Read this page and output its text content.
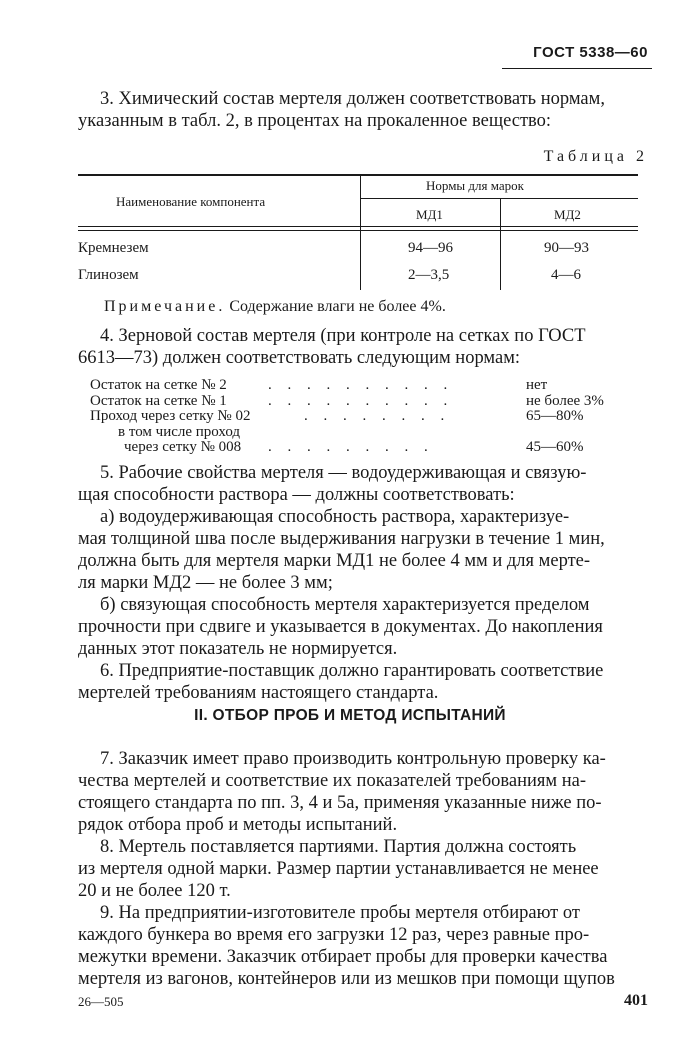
ГОСТ 5338—60
3. Химический состав мертеля должен соответствовать нормам,
указанным в табл. 2, в процентах на прокаленное вещество:
Таблица 2
Наименование компонента
Нормы для марок
МД1	МД2
Кремнезем	94—96	90—93
Глинозем	2—3,5	4—6
Примечание. Содержание влаги не более 4%.
4. Зерновой состав мертеля (при контроле на сетках по ГОСТ
6613—73) должен соответствовать следующим нормам:
Остаток на сетке № 2	. . . . . . . . . .	нет
Остаток на сетке № 1	. . . . . . . . . .	не более 3%
Проход через сетку № 02	. . . . . . . .	65—80%
в том числе проход
через сетку № 008 . . . . . . . . .	45—60%
5. Рабочие свойства мертеля — водоудерживающая и связую-
щая способности раствора — должны соответствовать:
а) водоудерживающая способность раствора, характеризуе-
мая толщиной шва после выдерживания нагрузки в течение 1 мин,
должна быть для мертеля марки МД1 не более 4 мм и для мерте-
ля марки МД2 — не более 3 мм;
б) связующая способность мертеля характеризуется пределом
прочности при сдвиге и указывается в документах. До накопления
данных этот показатель не нормируется.
6. Предприятие-поставщик должно гарантировать соответствие
мертелей требованиям настоящего стандарта.
II. ОТБОР ПРОБ И МЕТОД ИСПЫТАНИЙ
7. Заказчик имеет право производить контрольную проверку ка-
чества мертелей и соответствие их показателей требованиям на-
стоящего стандарта по пп. 3, 4 и 5а, применяя указанные ниже по-
рядок отбора проб и методы испытаний.
8. Мертель поставляется партиями. Партия должна состоять
из мертеля одной марки. Размер партии устанавливается не менее
20 и не более 120 т.
9. На предприятии-изготовителе пробы мертеля отбирают от
каждого бункера во время его загрузки 12 раз, через равные про-
межутки времени. Заказчик отбирает пробы для проверки качества
мертеля из вагонов, контейнеров или из мешков при помощи щупов
26—505	401
